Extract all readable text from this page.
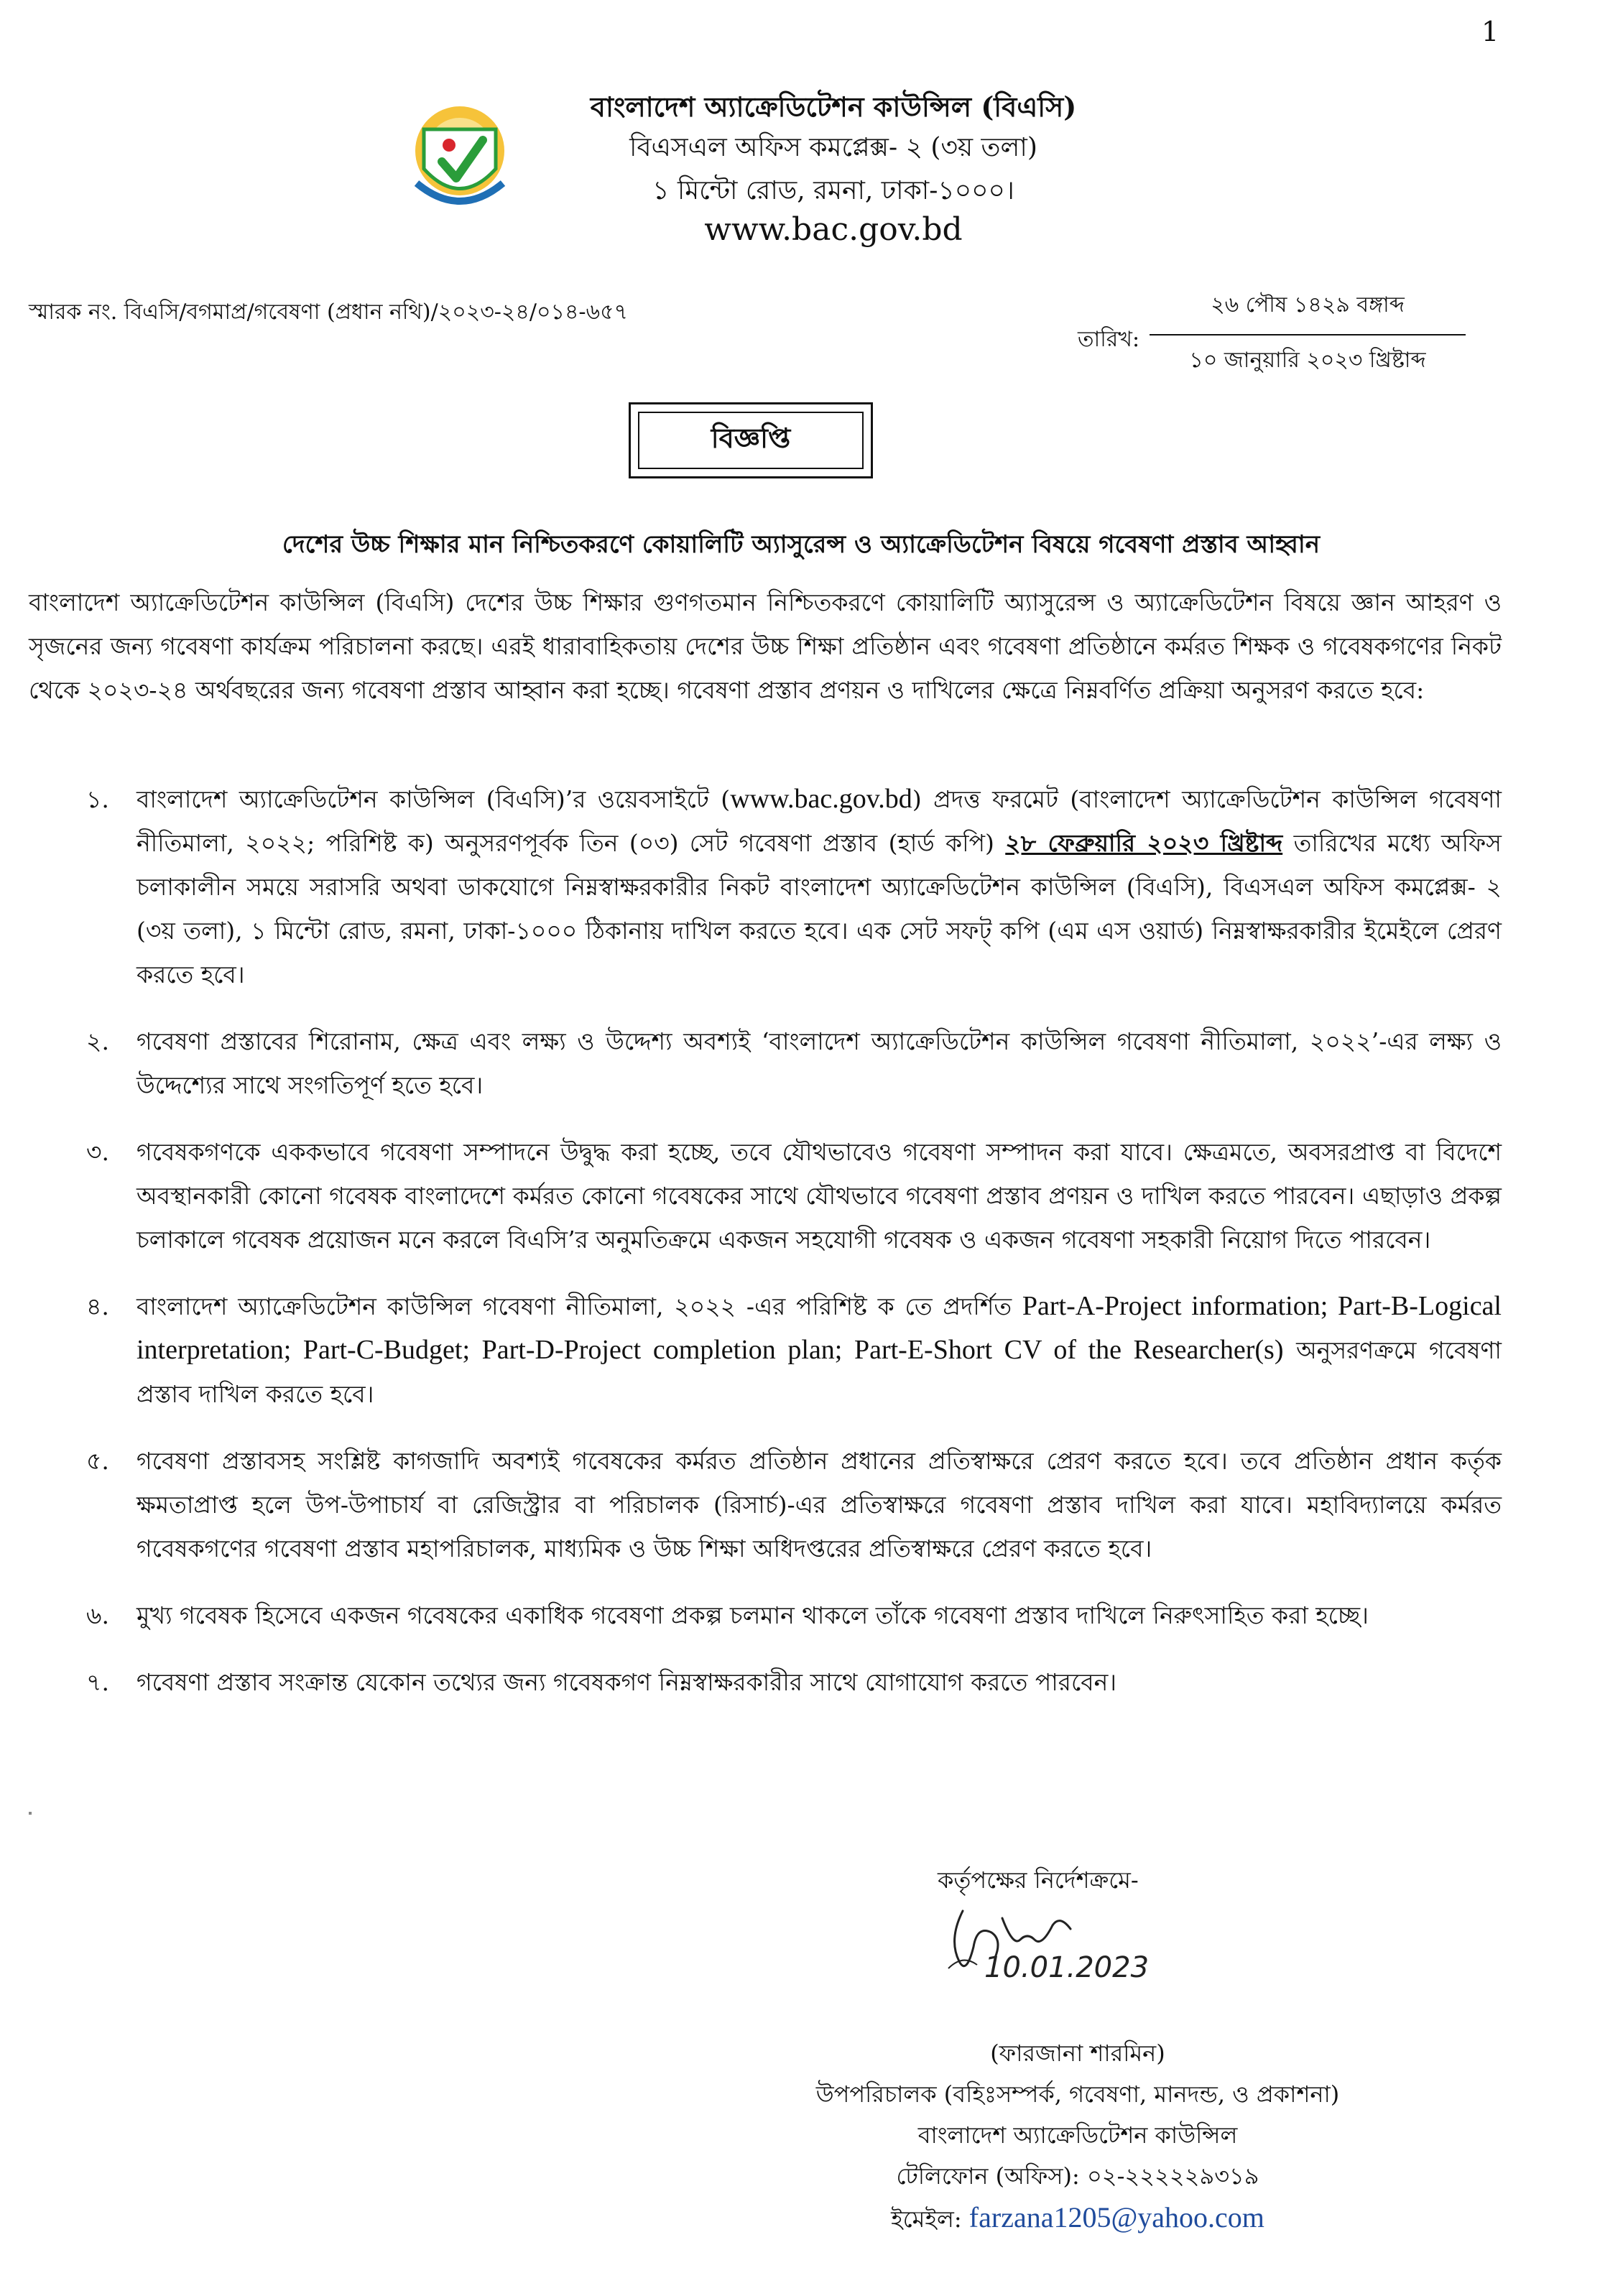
1
বাংলাদেশ অ্যাক্রেডিটেশন কাউন্সিল (বিএসি)
বিএসএল অফিস কমপ্লেক্স- ২ (৩য় তলা)
১ মিন্টো রোড, রমনা, ঢাকা-১০০০।
www.bac.gov.bd
স্মারক নং. বিএসি/বগমাপ্র/গবেষণা (প্রধান নথি)/২০২৩-২৪/০১৪-৬৫৭
তারিখ:
২৬ পৌষ ১৪২৯ বঙ্গাব্দ
১০ জানুয়ারি ২০২৩ খ্রিষ্টাব্দ
বিজ্ঞপ্তি
দেশের উচ্চ শিক্ষার মান নিশ্চিতকরণে কোয়ালিটি অ্যাসুরেন্স ও অ্যাক্রেডিটেশন বিষয়ে গবেষণা প্রস্তাব আহ্বান
বাংলাদেশ অ্যাক্রেডিটেশন কাউন্সিল (বিএসি) দেশের উচ্চ শিক্ষার গুণগতমান নিশ্চিতকরণে কোয়ালিটি অ্যাসুরেন্স ও অ্যাক্রেডিটেশন বিষয়ে জ্ঞান আহরণ ও সৃজনের জন্য গবেষণা কার্যক্রম পরিচালনা করছে। এরই ধারাবাহিকতায় দেশের উচ্চ শিক্ষা প্রতিষ্ঠান এবং গবেষণা প্রতিষ্ঠানে কর্মরত শিক্ষক ও গবেষকগণের নিকট থেকে ২০২৩-২৪ অর্থবছরের জন্য গবেষণা প্রস্তাব আহ্বান করা হচ্ছে। গবেষণা প্রস্তাব প্রণয়ন ও দাখিলের ক্ষেত্রে নিম্নবর্ণিত প্রক্রিয়া অনুসরণ করতে হবে:
১. বাংলাদেশ অ্যাক্রেডিটেশন কাউন্সিল (বিএসি)’র ওয়েবসাইটে (www.bac.gov.bd) প্রদত্ত ফরমেট (বাংলাদেশ অ্যাক্রেডিটেশন কাউন্সিল গবেষণা নীতিমালা, ২০২২; পরিশিষ্ট ক) অনুসরণপূর্বক তিন (০৩) সেট গবেষণা প্রস্তাব (হার্ড কপি) ২৮ ফেব্রুয়ারি ২০২৩ খ্রিষ্টাব্দ তারিখের মধ্যে অফিস চলাকালীন সময়ে সরাসরি অথবা ডাকযোগে নিম্নস্বাক্ষরকারীর নিকট বাংলাদেশ অ্যাক্রেডিটেশন কাউন্সিল (বিএসি), বিএসএল অফিস কমপ্লেক্স- ২ (৩য় তলা), ১ মিন্টো রোড, রমনা, ঢাকা-১০০০ ঠিকানায় দাখিল করতে হবে। এক সেট সফট্ কপি (এম এস ওয়ার্ড) নিম্নস্বাক্ষরকারীর ইমেইলে প্রেরণ করতে হবে।
২. গবেষণা প্রস্তাবের শিরোনাম, ক্ষেত্র এবং লক্ষ্য ও উদ্দেশ্য অবশ্যই ‘বাংলাদেশ অ্যাক্রেডিটেশন কাউন্সিল গবেষণা নীতিমালা, ২০২২’-এর লক্ষ্য ও উদ্দেশ্যের সাথে সংগতিপূর্ণ হতে হবে।
৩. গবেষকগণকে এককভাবে গবেষণা সম্পাদনে উদ্বুদ্ধ করা হচ্ছে, তবে যৌথভাবেও গবেষণা সম্পাদন করা যাবে। ক্ষেত্রমতে, অবসরপ্রাপ্ত বা বিদেশে অবস্থানকারী কোনো গবেষক বাংলাদেশে কর্মরত কোনো গবেষকের সাথে যৌথভাবে গবেষণা প্রস্তাব প্রণয়ন ও দাখিল করতে পারবেন। এছাড়াও প্রকল্প চলাকালে গবেষক প্রয়োজন মনে করলে বিএসি’র অনুমতিক্রমে একজন সহযোগী গবেষক ও একজন গবেষণা সহকারী নিয়োগ দিতে পারবেন।
৪. বাংলাদেশ অ্যাক্রেডিটেশন কাউন্সিল গবেষণা নীতিমালা, ২০২২ -এর পরিশিষ্ট ক তে প্রদর্শিত Part-A-Project information; Part-B-Logical interpretation; Part-C-Budget; Part-D-Project completion plan; Part-E-Short CV of the Researcher(s) অনুসরণক্রমে গবেষণা প্রস্তাব দাখিল করতে হবে।
৫. গবেষণা প্রস্তাবসহ সংশ্লিষ্ট কাগজাদি অবশ্যই গবেষকের কর্মরত প্রতিষ্ঠান প্রধানের প্রতিস্বাক্ষরে প্রেরণ করতে হবে। তবে প্রতিষ্ঠান প্রধান কর্তৃক ক্ষমতাপ্রাপ্ত হলে উপ-উপাচার্য বা রেজিস্ট্রার বা পরিচালক (রিসার্চ)-এর প্রতিস্বাক্ষরে গবেষণা প্রস্তাব দাখিল করা যাবে। মহাবিদ্যালয়ে কর্মরত গবেষকগণের গবেষণা প্রস্তাব মহাপরিচালক, মাধ্যমিক ও উচ্চ শিক্ষা অধিদপ্তরের প্রতিস্বাক্ষরে প্রেরণ করতে হবে।
৬. মুখ্য গবেষক হিসেবে একজন গবেষকের একাধিক গবেষণা প্রকল্প চলমান থাকলে তাঁকে গবেষণা প্রস্তাব দাখিলে নিরুৎসাহিত করা হচ্ছে।
৭. গবেষণা প্রস্তাব সংক্রান্ত যেকোন তথ্যের জন্য গবেষকগণ নিম্নস্বাক্ষরকারীর সাথে যোগাযোগ করতে পারবেন।
কর্তৃপক্ষের নির্দেশক্রমে-
10.01.2023
(ফারজানা শারমিন)
উপপরিচালক (বহিঃসম্পর্ক, গবেষণা, মানদন্ড, ও প্রকাশনা)
বাংলাদেশ অ্যাক্রেডিটেশন কাউন্সিল
টেলিফোন (অফিস): ০২-২২২২২৯৩১৯
ইমেইল: farzana1205@yahoo.com
